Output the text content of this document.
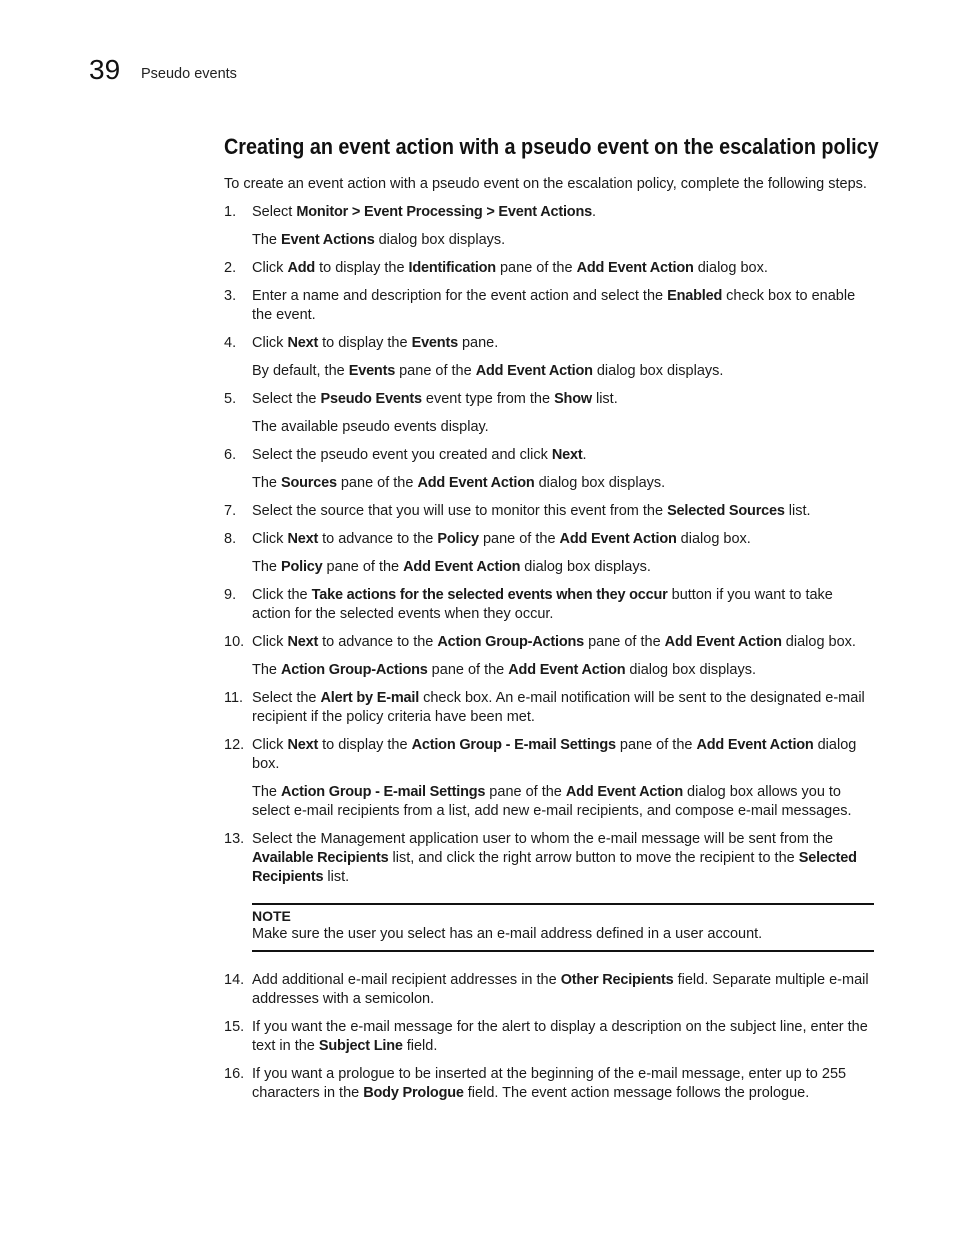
39 Pseudo events
Creating an event action with a pseudo event on the escalation policy

To create an event action with a pseudo event on the escalation policy, complete the following steps.

1.	Select Monitor > Event Processing > Event Actions.
The Event Actions dialog box displays.
2.	Click Add to display the Identification pane of the Add Event Action dialog box.
3.	Enter a name and description for the event action and select the Enabled check box to enable the event.
4.	Click Next to display the Events pane.
By default, the Events pane of the Add Event Action dialog box displays.
5.	Select the Pseudo Events event type from the Show list.
The available pseudo events display.
6.	Select the pseudo event you created and click Next.
The Sources pane of the Add Event Action dialog box displays.
7.	Select the source that you will use to monitor this event from the Selected Sources list.
8.	Click Next to advance to the Policy pane of the Add Event Action dialog box.
The Policy pane of the Add Event Action dialog box displays.
9.	Click the Take actions for the selected events when they occur button if you want to take action for the selected events when they occur.
10. Click Next to advance to the Action Group-Actions pane of the Add Event Action dialog box.
The Action Group-Actions pane of the Add Event Action dialog box displays.
11. Select the Alert by E-mail check box. An e-mail notification will be sent to the designated e-mail recipient if the policy criteria have been met.
12. Click Next to display the Action Group - E-mail Settings pane of the Add Event Action dialog box.
The Action Group - E-mail Settings pane of the Add Event Action dialog box allows you to select e-mail recipients from a list, add new e-mail recipients, and compose e-mail messages.
13. Select the Management application user to whom the e-mail message will be sent from the Available Recipients list, and click the right arrow button to move the recipient to the Selected Recipients list.
NOTE
Make sure the user you select has an e-mail address defined in a user account.
14. Add additional e-mail recipient addresses in the Other Recipients field. Separate multiple e-mail addresses with a semicolon.
15. If you want the e-mail message for the alert to display a description on the subject line, enter the text in the Subject Line field.
16. If you want a prologue to be inserted at the beginning of the e-mail message, enter up to 255 characters in the Body Prologue field. The event action message follows the prologue.
